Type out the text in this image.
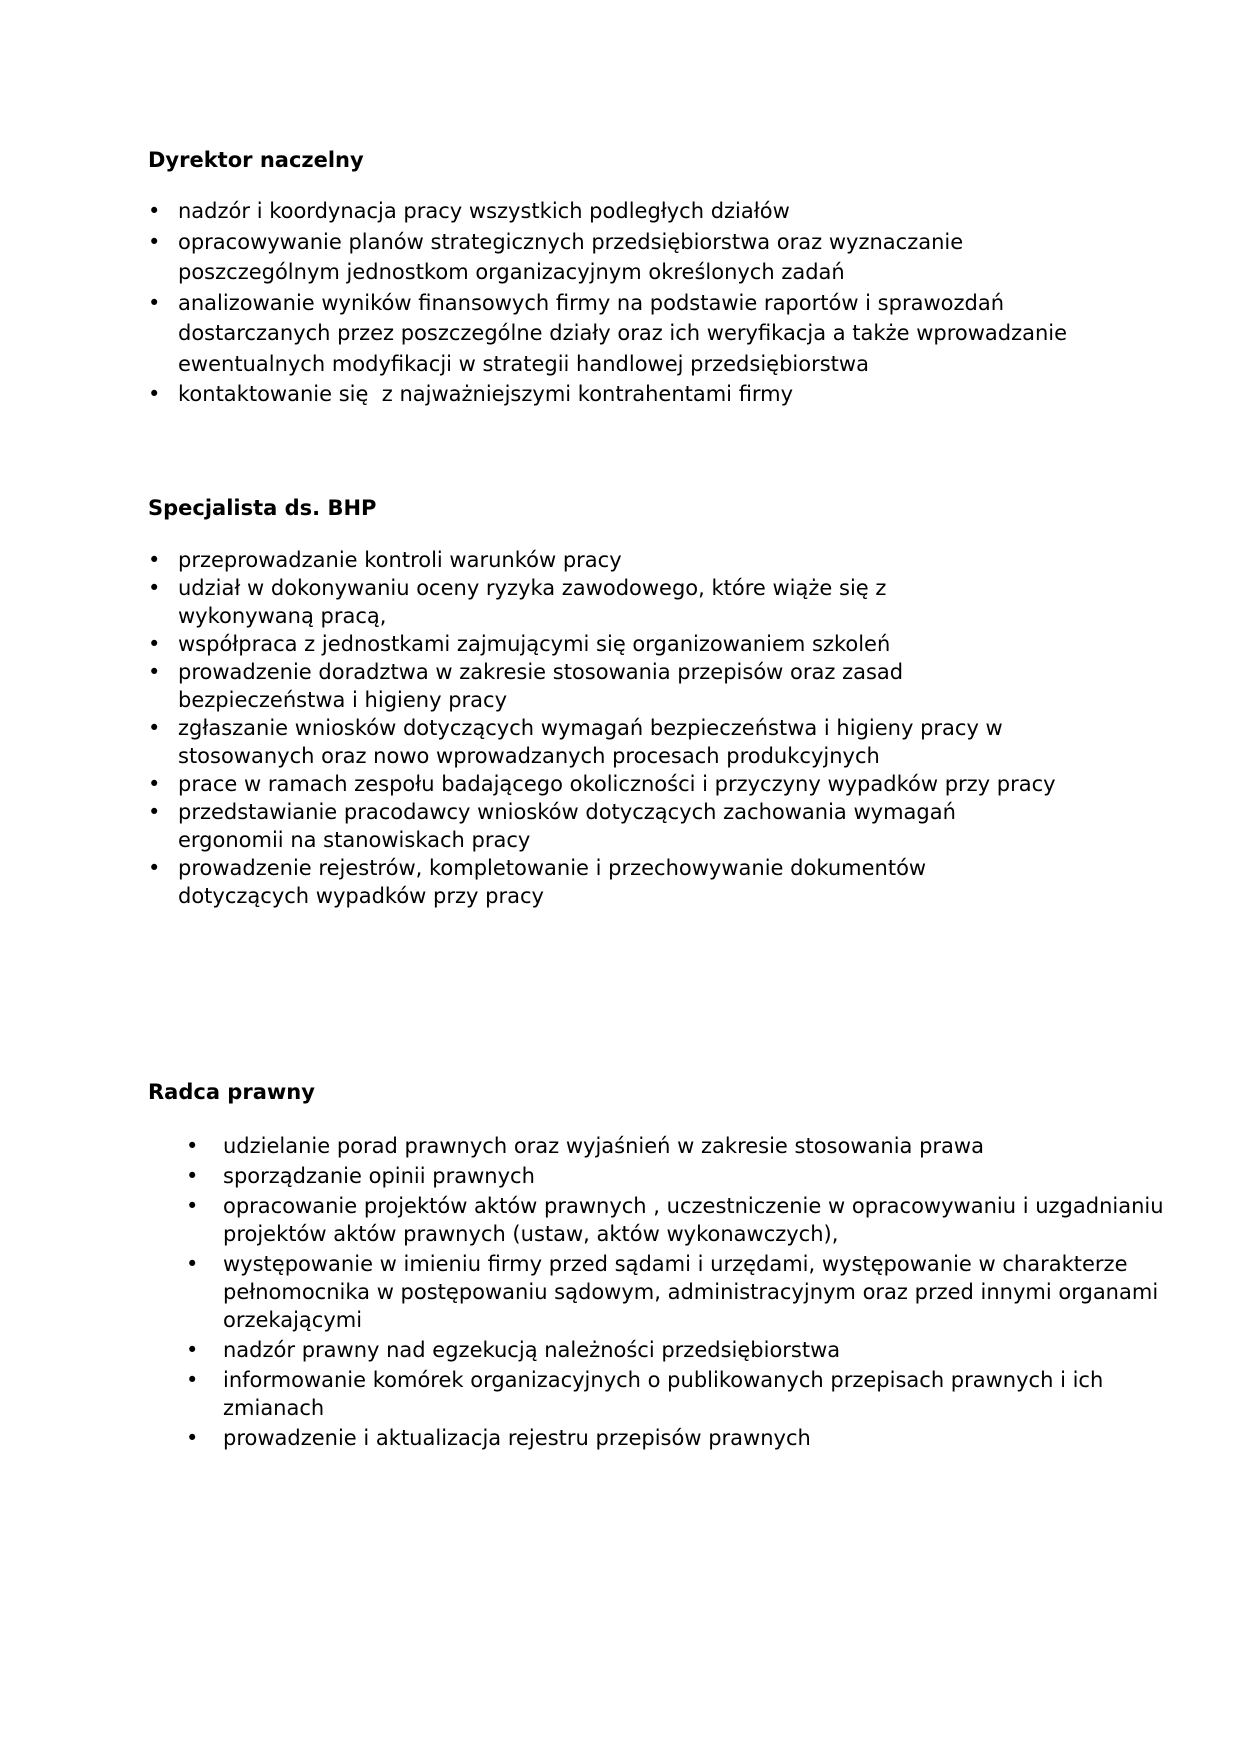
Dyrektor naczelny
• nadzór i koordynacja pracy wszystkich podległych działów
• opracowywanie planów strategicznych przedsiębiorstwa oraz wyznaczanie poszczególnym jednostkom organizacyjnym określonych zadań
• analizowanie wyników finansowych firmy na podstawie raportów i sprawozdań dostarczanych przez poszczególne działy oraz ich weryfikacja a także wprowadzanie ewentualnych modyfikacji w strategii handlowej przedsiębiorstwa
• kontaktowanie się  z najważniejszymi kontrahentami firmy
Specjalista ds. BHP
• przeprowadzanie kontroli warunków pracy
• udział w dokonywaniu oceny ryzyka zawodowego, które wiąże się z wykonywaną pracą,
• współpraca z jednostkami zajmującymi się organizowaniem szkoleń
• prowadzenie doradztwa w zakresie stosowania przepisów oraz zasad bezpieczeństwa i higieny pracy
• zgłaszanie wniosków dotyczących wymagań bezpieczeństwa i higieny pracy w stosowanych oraz nowo wprowadzanych procesach produkcyjnych
• prace w ramach zespołu badającego okoliczności i przyczyny wypadków przy pracy
• przedstawianie pracodawcy wniosków dotyczących zachowania wymagań ergonomii na stanowiskach pracy
• prowadzenie rejestrów, kompletowanie i przechowywanie dokumentów dotyczących wypadków przy pracy
Radca prawny
• udzielanie porad prawnych oraz wyjaśnień w zakresie stosowania prawa
• sporządzanie opinii prawnych
• opracowanie projektów aktów prawnych , uczestniczenie w opracowywaniu i uzgadnianiu projektów aktów prawnych (ustaw, aktów wykonawczych),
• występowanie w imieniu firmy przed sądami i urzędami, występowanie w charakterze pełnomocnika w postępowaniu sądowym, administracyjnym oraz przed innymi organami orzekającymi
• nadzór prawny nad egzekucją należności przedsiębiorstwa
• informowanie komórek organizacyjnych o publikowanych przepisach prawnych i ich zmianach
• prowadzenie i aktualizacja rejestru przepisów prawnych
